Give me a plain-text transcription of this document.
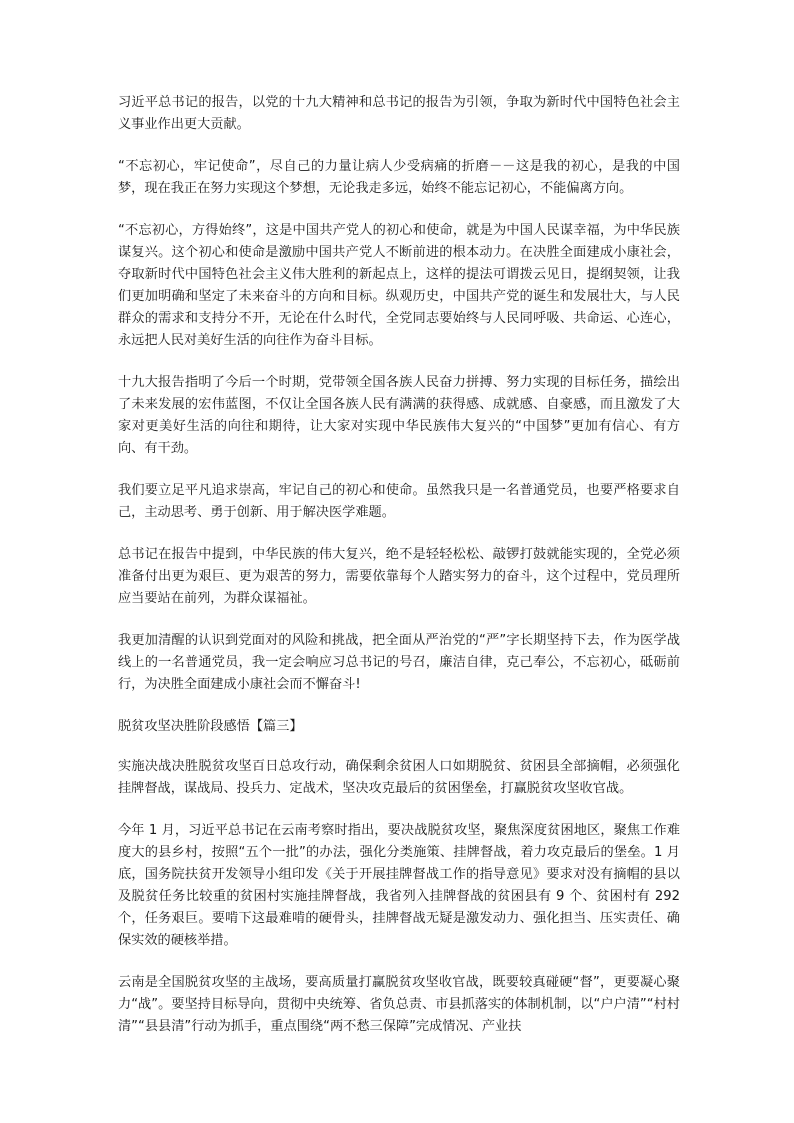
习近平总书记的报告，以党的十九大精神和总书记的报告为引领，争取为新时代中国特色社会主义事业作出更大贡献。

“不忘初心，牢记使命”，尽自己的力量让病人少受病痛的折磨－－这是我的初心，是我的中国梦，现在我正在努力实现这个梦想，无论我走多远，始终不能忘记初心，不能偏离方向。

“不忘初心，方得始终”，这是中国共产党人的初心和使命，就是为中国人民谋幸福，为中华民族谋复兴。这个初心和使命是激励中国共产党人不断前进的根本动力。在决胜全面建成小康社会，夺取新时代中国特色社会主义伟大胜利的新起点上，这样的提法可谓拨云见日，提纲契领，让我们更加明确和坚定了未来奋斗的方向和目标。纵观历史，中国共产党的诞生和发展壮大，与人民群众的需求和支持分不开，无论在什么时代，全党同志要始终与人民同呼吸、共命运、心连心，永远把人民对美好生活的向往作为奋斗目标。

十九大报告指明了今后一个时期，党带领全国各族人民奋力拼搏、努力实现的目标任务，描绘出了未来发展的宏伟蓝图，不仅让全国各族人民有满满的获得感、成就感、自豪感，而且激发了大家对更美好生活的向往和期待，让大家对实现中华民族伟大复兴的“中国梦”更加有信心、有方向、有干劲。

我们要立足平凡追求崇高，牢记自己的初心和使命。虽然我只是一名普通党员，也要严格要求自己，主动思考、勇于创新、用于解决医学难题。

总书记在报告中提到，中华民族的伟大复兴，绝不是轻轻松松、敲锣打鼓就能实现的，全党必须准备付出更为艰巨、更为艰苦的努力，需要依靠每个人踏实努力的奋斗，这个过程中，党员理所应当要站在前列，为群众谋福祉。

我更加清醒的认识到党面对的风险和挑战，把全面从严治党的“严”字长期坚持下去，作为医学战线上的一名普通党员，我一定会响应习总书记的号召，廉洁自律，克己奉公，不忘初心，砥砺前行，为决胜全面建成小康社会而不懈奋斗!

脱贫攻坚决胜阶段感悟【篇三】

实施决战决胜脱贫攻坚百日总攻行动，确保剩余贫困人口如期脱贫、贫困县全部摘帽，必须强化挂牌督战，谋战局、投兵力、定战术，坚决攻克最后的贫困堡垒，打赢脱贫攻坚收官战。

今年 1 月，习近平总书记在云南考察时指出，要决战脱贫攻坚，聚焦深度贫困地区，聚焦工作难度大的县乡村，按照“五个一批”的办法，强化分类施策、挂牌督战，着力攻克最后的堡垒。1 月底，国务院扶贫开发领导小组印发《关于开展挂牌督战工作的指导意见》要求对没有摘帽的县以及脱贫任务比较重的贫困村实施挂牌督战，我省列入挂牌督战的贫困县有 9 个、贫困村有 292 个，任务艰巨。要啃下这最难啃的硬骨头，挂牌督战无疑是激发动力、强化担当、压实责任、确保实效的硬核举措。

云南是全国脱贫攻坚的主战场，要高质量打赢脱贫攻坚收官战，既要较真碰硬“督”，更要凝心聚力“战”。要坚持目标导向，贯彻中央统筹、省负总责、市县抓落实的体制机制，以“户户清”“村村清”“县县清”行动为抓手，重点围绕“两不愁三保障”完成情况、产业扶
